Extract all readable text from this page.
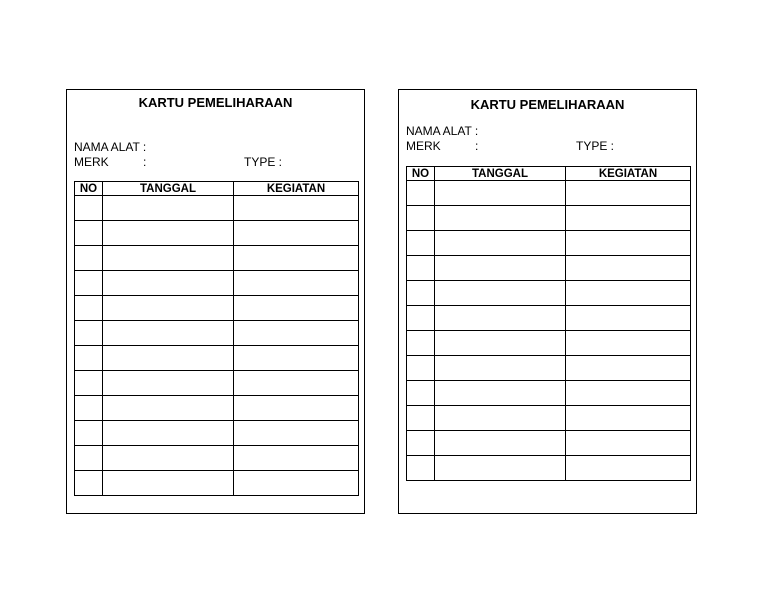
KARTU PEMELIHARAAN
NAMA ALAT :
MERK	:	TYPE :
NO	TANGGAL	KEGIATAN

KARTU PEMELIHARAAN
NAMA ALAT :
MERK	:	TYPE :
NO	TANGGAL	KEGIATAN
